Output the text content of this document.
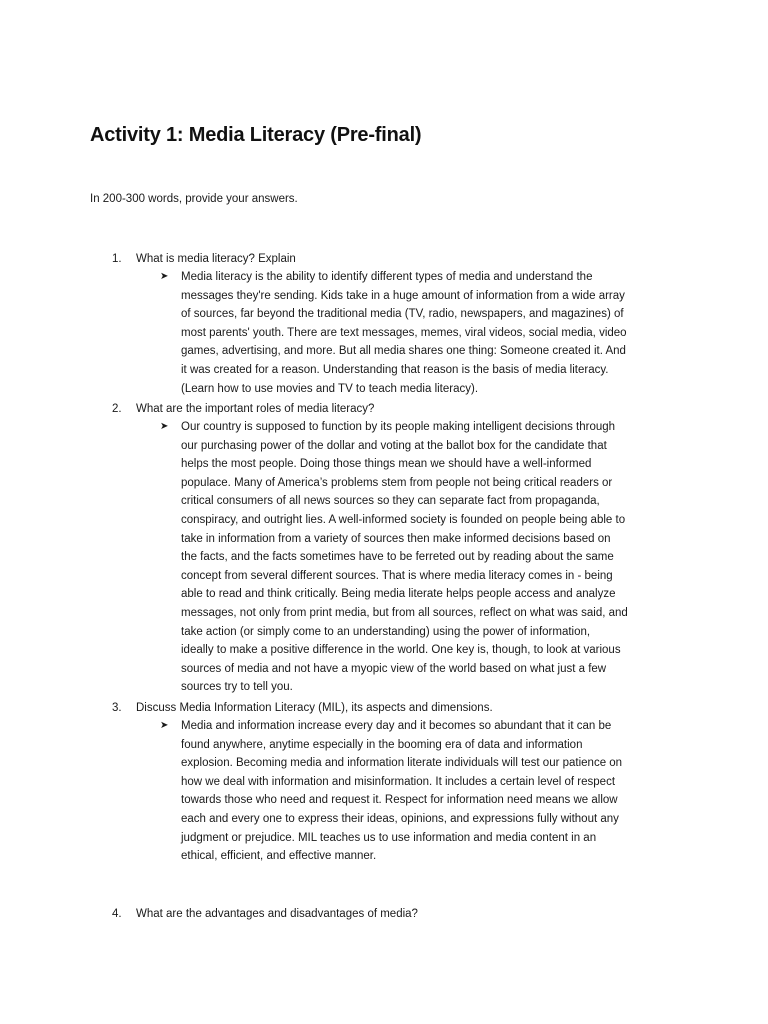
Activity 1: Media Literacy (Pre-final)

In 200-300 words, provide your answers.

1. What is media literacy? Explain

➤ Media literacy is the ability to identify different types of media and understand the
messages they're sending. Kids take in a huge amount of information from a wide array
of sources, far beyond the traditional media (TV, radio, newspapers, and magazines) of
most parents' youth. There are text messages, memes, viral videos, social media, video
games, advertising, and more. But all media shares one thing: Someone created it. And
it was created for a reason. Understanding that reason is the basis of media literacy.
(Learn how to use movies and TV to teach media literacy).

2. What are the important roles of media literacy?

➤ Our country is supposed to function by its people making intelligent decisions through
our purchasing power of the dollar and voting at the ballot box for the candidate that
helps the most people. Doing those things mean we should have a well-informed
populace. Many of America’s problems stem from people not being critical readers or
critical consumers of all news sources so they can separate fact from propaganda,
conspiracy, and outright lies. A well-informed society is founded on people being able to
take in information from a variety of sources then make informed decisions based on
the facts, and the facts sometimes have to be ferreted out by reading about the same
concept from several different sources. That is where media literacy comes in - being
able to read and think critically. Being media literate helps people access and analyze
messages, not only from print media, but from all sources, reflect on what was said, and
take action (or simply come to an understanding) using the power of information,
ideally to make a positive difference in the world. One key is, though, to look at various
sources of media and not have a myopic view of the world based on what just a few
sources try to tell you.

3. Discuss Media Information Literacy (MIL), its aspects and dimensions.

➤ Media and information increase every day and it becomes so abundant that it can be
found anywhere, anytime especially in the booming era of data and information
explosion. Becoming media and information literate individuals will test our patience on
how we deal with information and misinformation. It includes a certain level of respect
towards those who need and request it. Respect for information need means we allow
each and every one to express their ideas, opinions, and expressions fully without any
judgment or prejudice. MIL teaches us to use information and media content in an
ethical, efficient, and effective manner.

4. What are the advantages and disadvantages of media?
